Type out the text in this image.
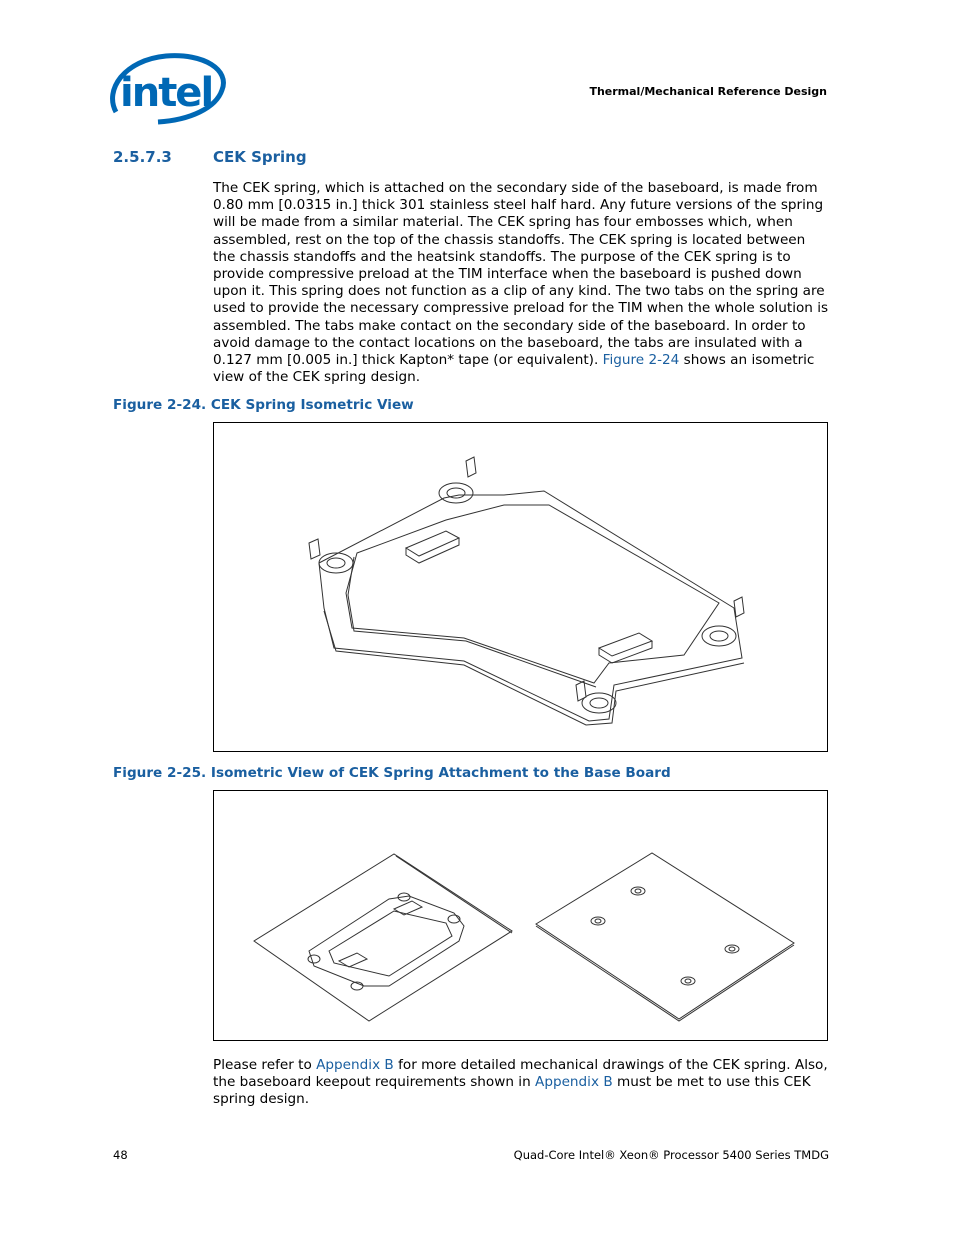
intel	Thermal/Mechanical Reference Design
2.5.7.3	CEK Spring
The CEK spring, which is attached on the secondary side of the baseboard, is made from 0.80 mm [0.0315 in.] thick 301 stainless steel half hard. Any future versions of the spring will be made from a similar material. The CEK spring has four embosses which, when assembled, rest on the top of the chassis standoffs. The CEK spring is located between the chassis standoffs and the heatsink standoffs. The purpose of the CEK spring is to provide compressive preload at the TIM interface when the baseboard is pushed down upon it. This spring does not function as a clip of any kind. The two tabs on the spring are used to provide the necessary compressive preload for the TIM when the whole solution is assembled. The tabs make contact on the secondary side of the baseboard. In order to avoid damage to the contact locations on the baseboard, the tabs are insulated with a 0.127 mm [0.005 in.] thick Kapton* tape (or equivalent). Figure 2-24 shows an isometric view of the CEK spring design.
Figure 2-24. CEK Spring Isometric View
Figure 2-25. Isometric View of CEK Spring Attachment to the Base Board
Please refer to Appendix B for more detailed mechanical drawings of the CEK spring. Also, the baseboard keepout requirements shown in Appendix B must be met to use this CEK spring design.
48	Quad-Core Intel® Xeon® Processor 5400 Series TMDG
